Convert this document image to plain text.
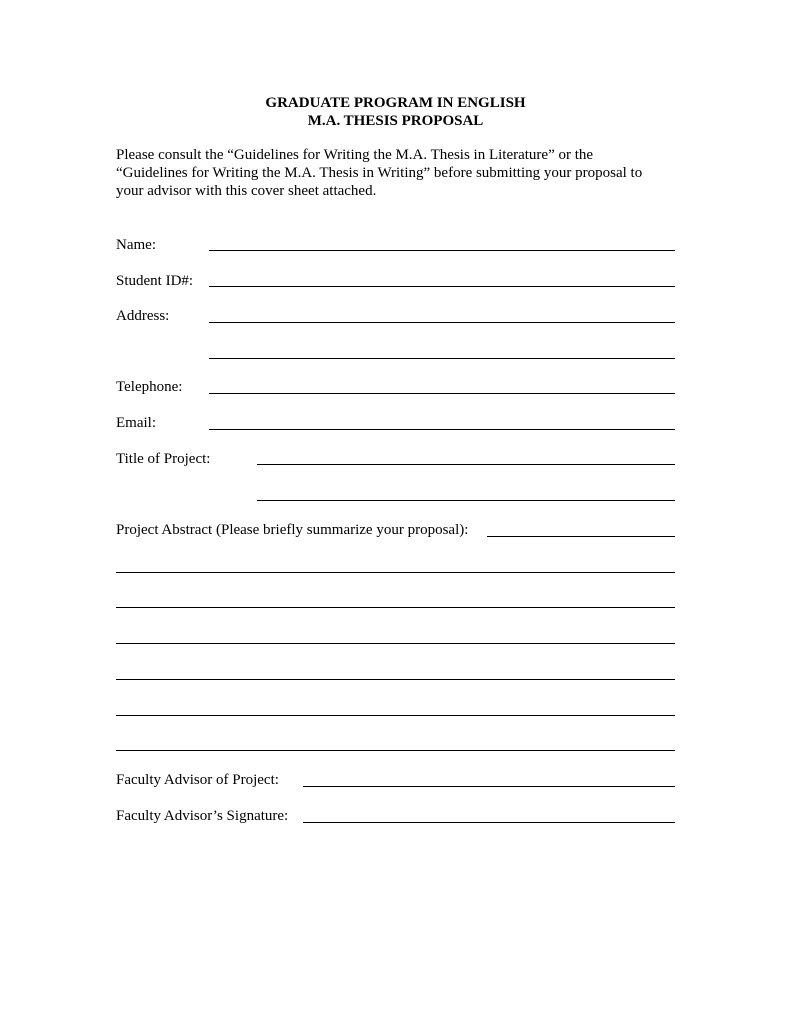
GRADUATE PROGRAM IN ENGLISH
M.A. THESIS PROPOSAL
Please consult the “Guidelines for Writing the M.A. Thesis in Literature” or the
“Guidelines for Writing the M.A. Thesis in Writing” before submitting your proposal to
your advisor with this cover sheet attached.
Name:
Student ID#:
Address:
Telephone:
Email:
Title of Project:
Project Abstract (Please briefly summarize your proposal):
Faculty Advisor of Project:
Faculty Advisor’s Signature:
